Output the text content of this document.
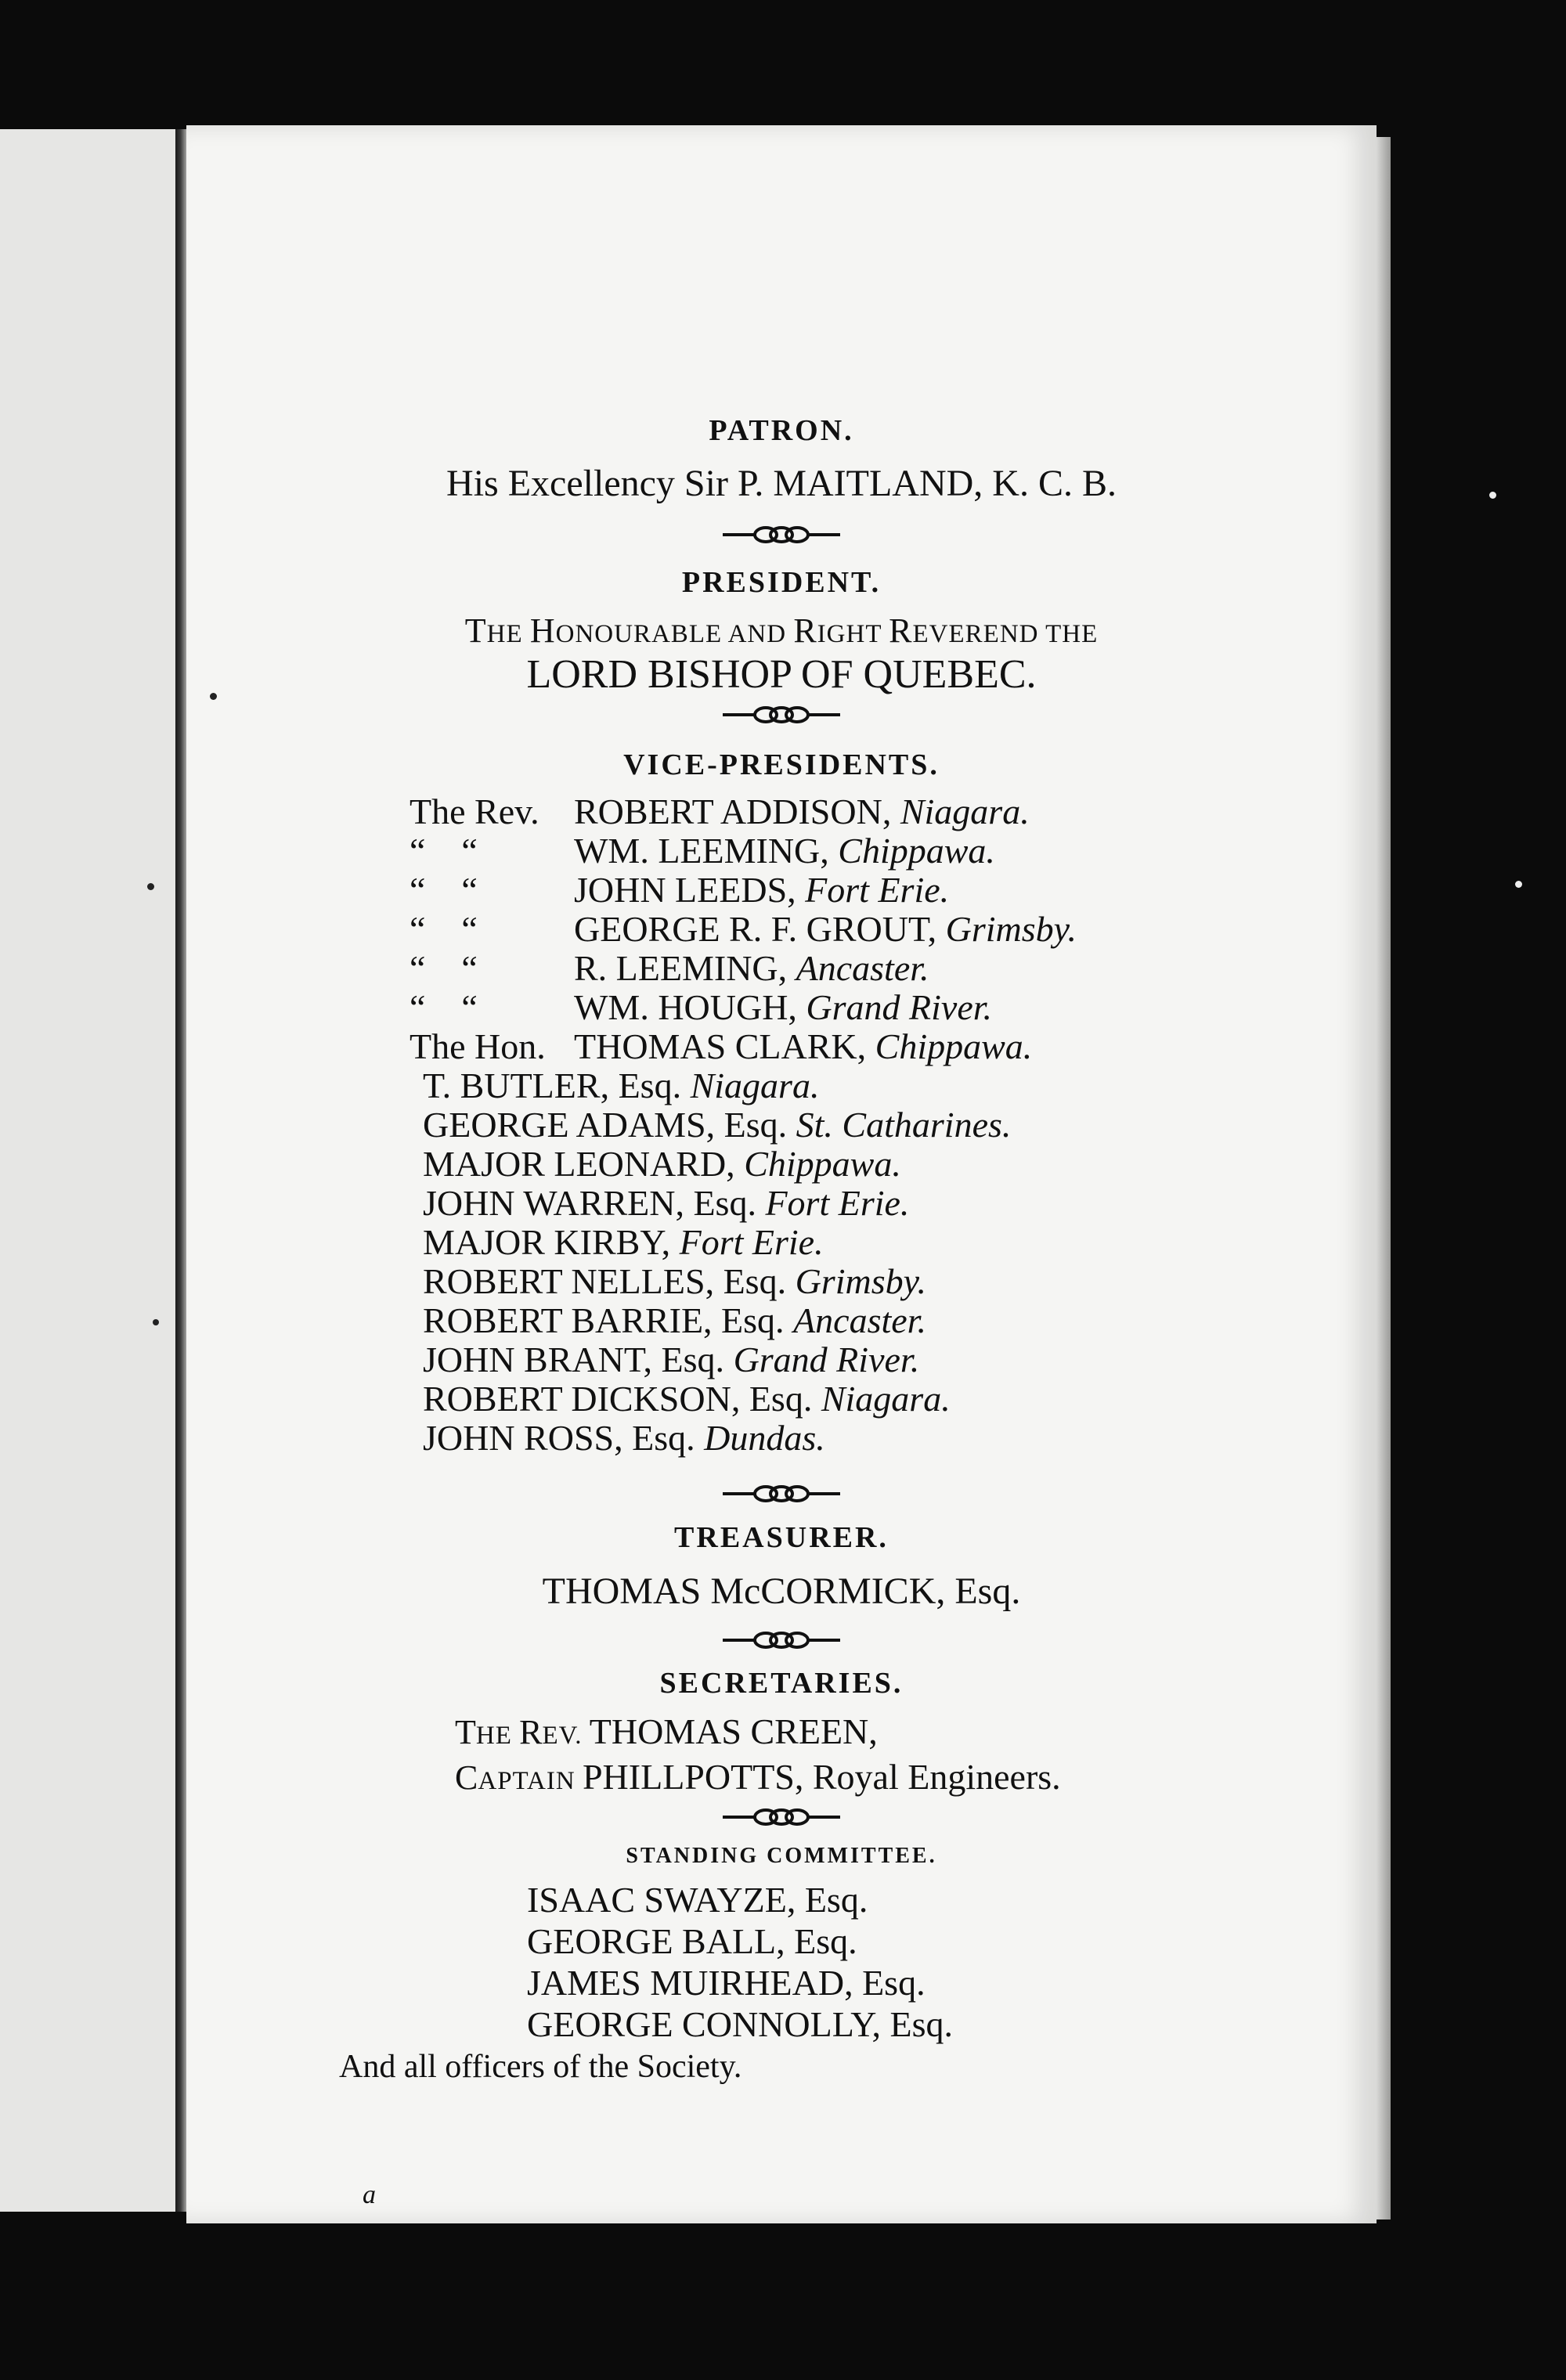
PATRON.
His Excellency Sir P. MAITLAND, K. C. B.
PRESIDENT.
THE HONOURABLE AND RIGHT REVEREND THE
LORD BISHOP OF QUEBEC.
VICE-PRESIDENTS.
The Rev. ROBERT ADDISON, Niagara.
“    “	WM. LEEMING, Chippawa.
“    “	JOHN LEEDS, Fort Erie.
“    “	GEORGE R. F. GROUT, Grimsby.
“    “	R. LEEMING, Ancaster.
“    “	WM. HOUGH, Grand River.
The Hon. THOMAS CLARK, Chippawa.
T. BUTLER, Esq. Niagara.
GEORGE ADAMS, Esq. St. Catharines.
MAJOR LEONARD, Chippawa.
JOHN WARREN, Esq. Fort Erie.
MAJOR KIRBY, Fort Erie.
ROBERT NELLES, Esq. Grimsby.
ROBERT BARRIE, Esq. Ancaster.
JOHN BRANT, Esq. Grand River.
ROBERT DICKSON, Esq. Niagara.
JOHN ROSS, Esq. Dundas.
TREASURER.
THOMAS McCORMICK, Esq.
SECRETARIES.
THE REV. THOMAS CREEN,
CAPTAIN PHILLPOTTS, Royal Engineers.
STANDING COMMITTEE.
ISAAC SWAYZE, Esq.
GEORGE BALL, Esq.
JAMES MUIRHEAD, Esq.
GEORGE CONNOLLY, Esq.
And all officers of the Society.
a
